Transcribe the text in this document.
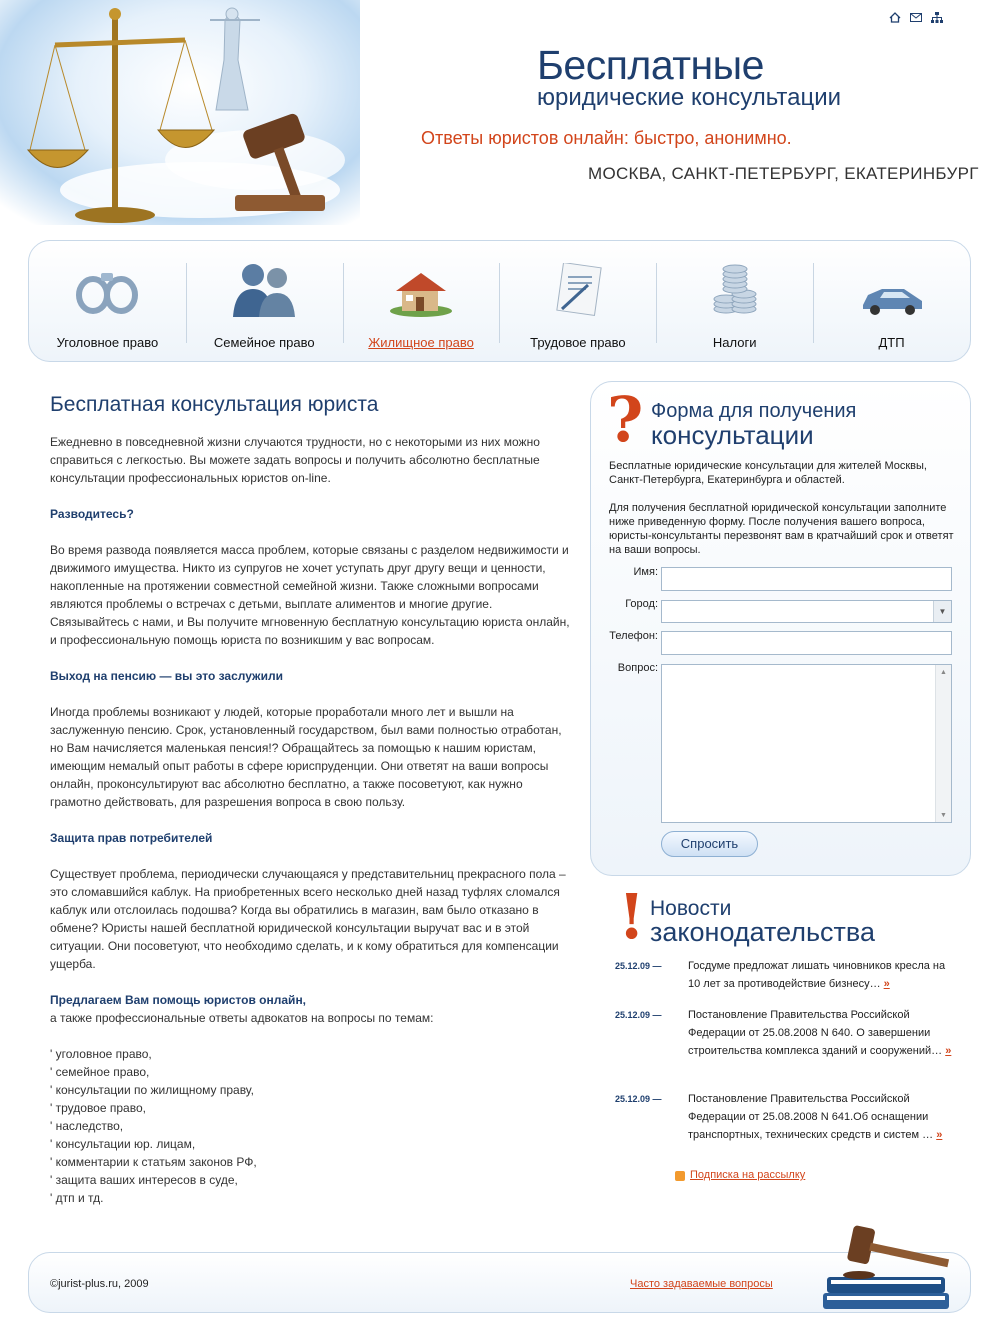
Бесплатные
юридические консультации
Ответы юристов онлайн: быстро, анонимно.
МОСКВА, САНКТ-ПЕТЕРБУРГ, ЕКАТЕРИНБУРГ
Уголовное право	Семейное право	Жилищное право	Трудовое право	Налоги	ДТП
Бесплатная консультация юриста

Ежедневно в повседневной жизни случаются трудности, но с некоторыми из них можно справиться с легкостью. Вы можете задать вопросы и получить абсолютно бесплатные консультации профессиональных юристов on-line.

Разводитесь?

Во время развода появляется масса проблем, которые связаны с разделом недвижимости и движимого имущества. Никто из супругов не хочет уступать друг другу вещи и ценности, накопленные на протяжении совместной семейной жизни. Также сложными вопросами являются проблемы о встречах с детьми, выплате алиментов и многие другие. Связывайтесь с нами, и Вы получите мгновенную бесплатную консультацию юриста онлайн, и профессиональную помощь юриста по возникшим у вас вопросам.

Выход на пенсию — вы это заслужили

Иногда проблемы возникают у людей, которые проработали много лет и вышли на заслуженную пенсию. Срок, установленный государством, был вами полностью отработан, но Вам начисляется маленькая пенсия!? Обращайтесь за помощью к нашим юристам, имеющим немалый опыт работы в сфере юриспруденции. Они ответят на ваши вопросы онлайн, проконсультируют вас абсолютно бесплатно, а также посоветуют, как нужно грамотно действовать, для разрешения вопроса в свою пользу.

Защита прав потребителей

Существует проблема, периодически случающаяся у представительниц прекрасного пола – это сломавшийся каблук. На приобретенных всего несколько дней назад туфлях сломался каблук или отслоилась подошва? Когда вы обратились в магазин, вам было отказано в обмене? Юристы нашей бесплатной юридической консультации выручат вас и в этой ситуации. Они посоветуют, что необходимо сделать, и к кому обратиться для компенсации ущерба.

Предлагаем Вам помощь юристов онлайн,
а также профессиональные ответы адвокатов на вопросы по темам:
' уголовное право,
' семейное право,
' консультации по жилищному праву,
' трудовое право,
' наследство,
' консультации юр. лицам,
' комментарии к статьям законов РФ,
' защита ваших интересов в суде,
' дтп и тд.
? Форма для получения
консультации
Бесплатные юридические консультации для жителей Москвы, Санкт-Петербурга, Екатеринбурга и областей.
Для получения бесплатной юридической консультации заполните ниже приведенную форму. После получения вашего вопроса, юристы-консультанты перезвонят вам в кратчайший срок и ответят на ваши вопросы.
Имя:
Город:
▼
Телефон:
Вопрос:	▲
▼
Спросить
! Новости
законодательства
25.12.09 —	Госдуме предложат лишать чиновников кресла на 10 лет за противодействие бизнесу… »
25.12.09 —	Постановление Правительства Российской Федерации от 25.08.2008 N 640. О завершении строительства комплекса зданий и сооружений… »
25.12.09 —	Постановление Правительства Российской Федерации от 25.08.2008 N 641.Об оснащении транспортных, технических средств и систем … »
Подписка на рассылку
©jurist-plus.ru, 2009	Часто задаваемые вопросы
